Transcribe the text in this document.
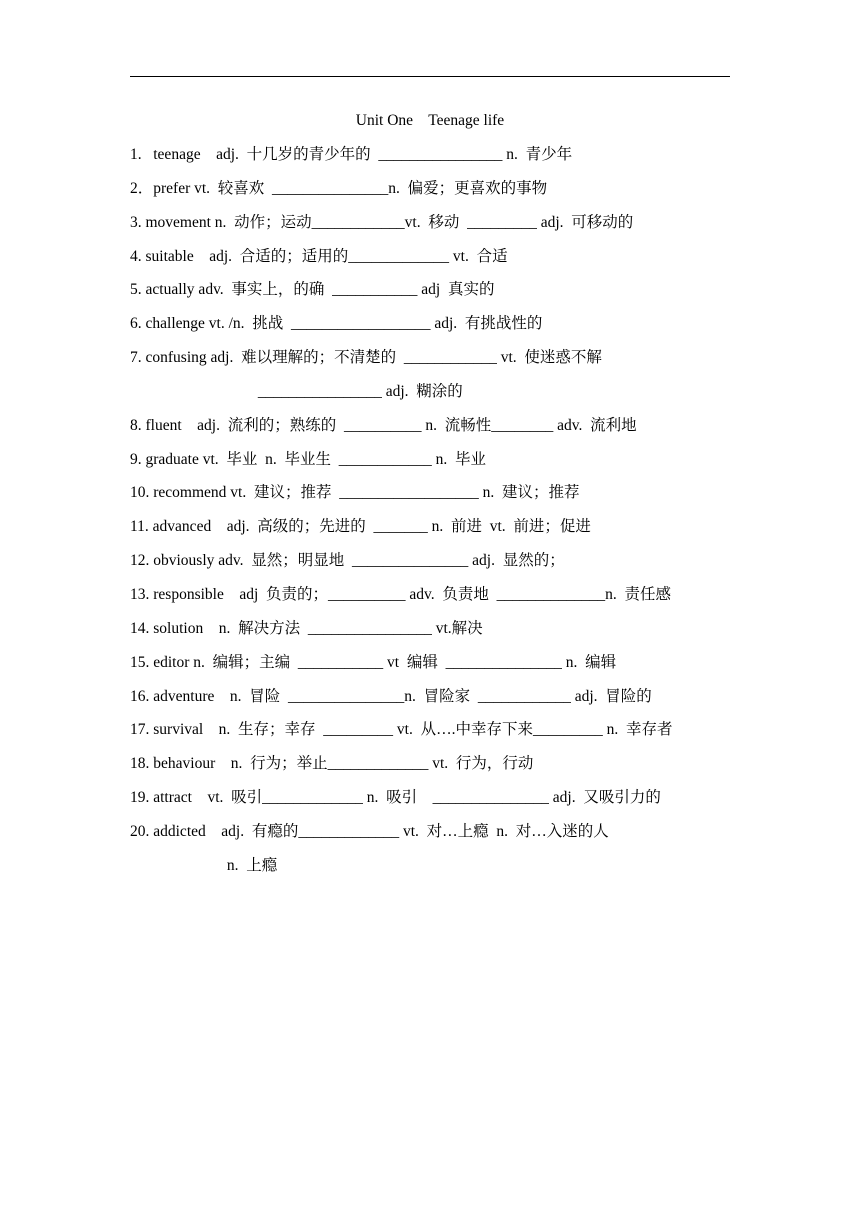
Unit One    Teenage life
1.   teenage    adj.  十几岁的青少年的  ________________ n.  青少年
2．prefer vt.  较喜欢  _______________n.  偏爱；更喜欢的事物
3. movement n.  动作；运动____________vt.  移动  _________ adj.  可移动的
4. suitable    adj.  合适的；适用的_____________ vt.  合适
5. actually adv.  事实上，的确  ___________ adj  真实的
6. challenge vt. /n.  挑战  __________________ adj.  有挑战性的
7. confusing adj.  难以理解的；不清楚的  ____________ vt.  使迷惑不解
________________ adj.  糊涂的
8. fluent    adj.  流利的；熟练的  __________ n.  流畅性________ adv.  流利地
9. graduate vt.  毕业  n.  毕业生  ____________ n.  毕业
10. recommend vt.  建议；推荐  __________________ n.  建议；推荐
11. advanced    adj.  高级的；先进的  _______ n.  前进  vt.  前进；促进
12. obviously adv.  显然；明显地  _______________ adj.  显然的；
13. responsible    adj  负责的；__________ adv.  负责地  ______________n.  责任感
14. solution    n.  解决方法  ________________ vt.解决
15. editor n.  编辑；主编  ___________ vt  编辑  _______________ n.  编辑
16. adventure    n.  冒险  _______________n.  冒险家  ____________ adj.  冒险的
17. survival    n.  生存；幸存  _________ vt.  从….中幸存下来_________ n.  幸存者
18. behaviour    n.  行为；举止_____________ vt.  行为，行动
19. attract    vt.  吸引_____________ n.  吸引    _______________ adj.  又吸引力的
20. addicted    adj.  有瘾的_____________ vt.  对…上瘾  n.  对…入迷的人
n.  上瘾
